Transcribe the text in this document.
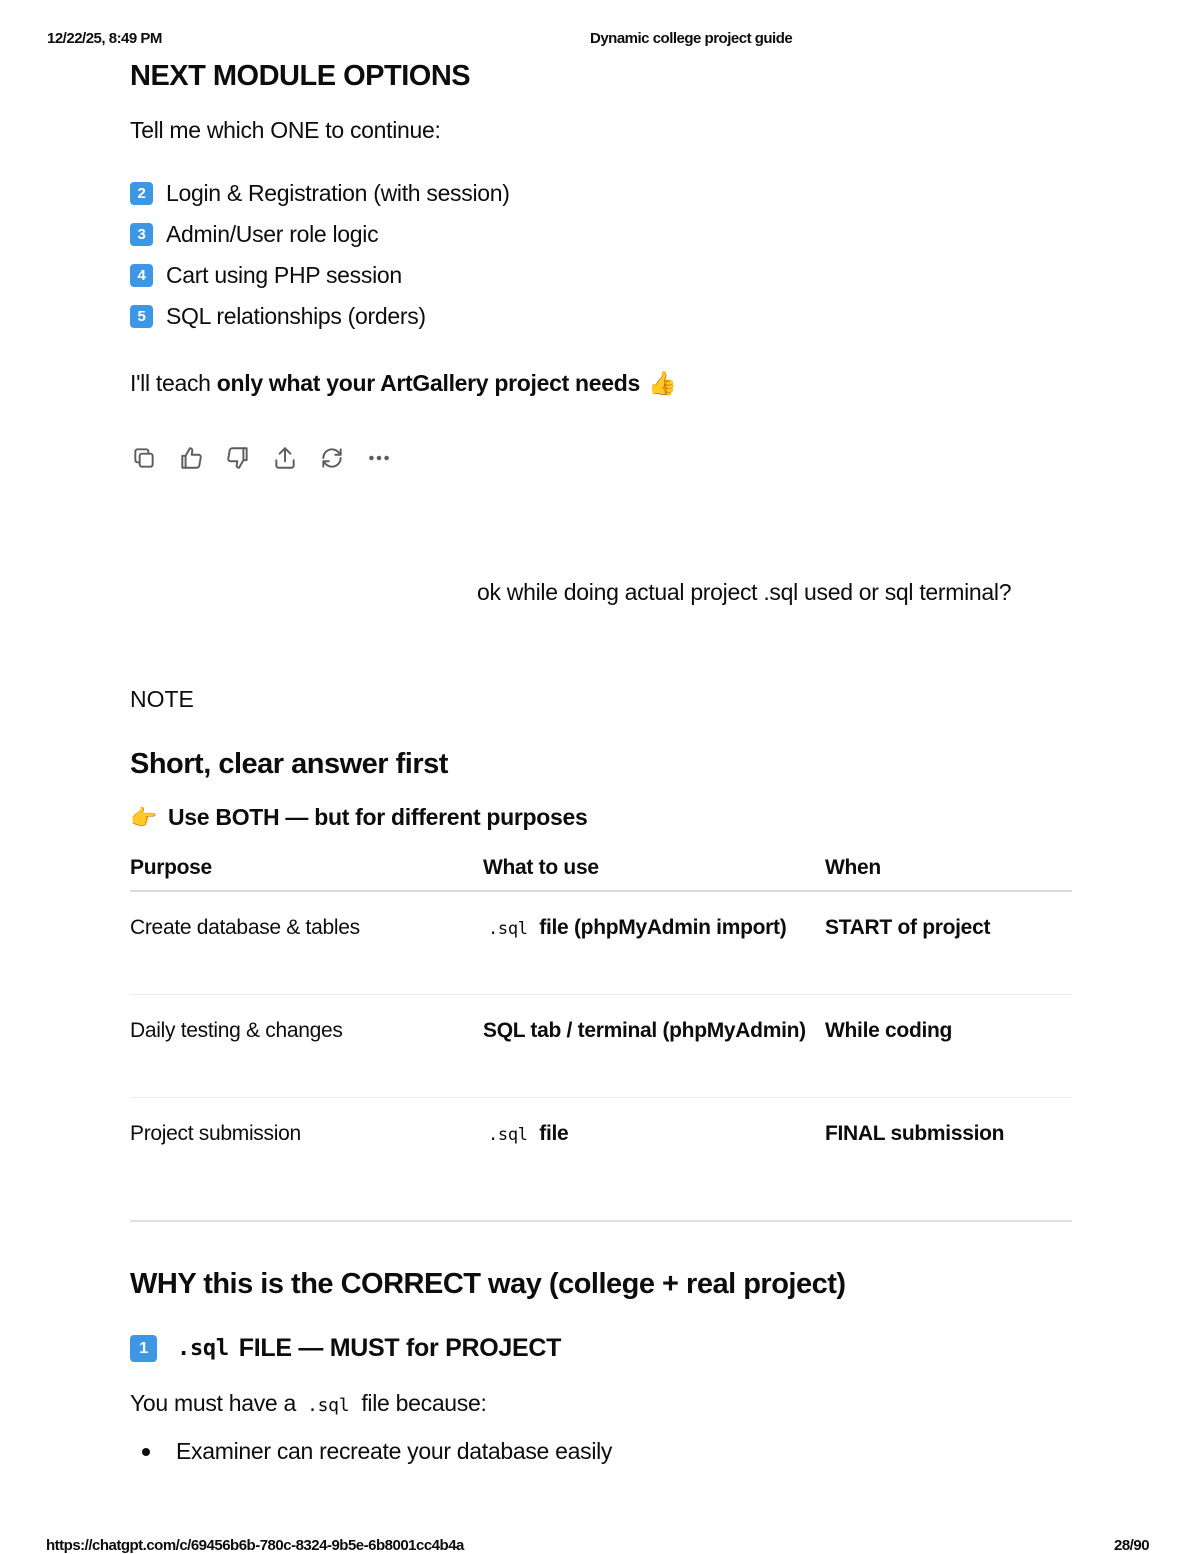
12/22/25, 8:49 PM	Dynamic college project guide
NEXT MODULE OPTIONS
Tell me which ONE to continue:
2 Login & Registration (with session)
3 Admin/User role logic
4 Cart using PHP session
5 SQL relationships (orders)
I'll teach only what your ArtGallery project needs 👍
ok while doing actual project .sql used or sql terminal?
NOTE
Short, clear answer first
👉 Use BOTH — but for different purposes
Purpose	What to use	When
Create database & tables	.sql file (phpMyAdmin import)	START of project
Daily testing & changes	SQL tab / terminal (phpMyAdmin)	While coding
Project submission	.sql file	FINAL submission
WHY this is the CORRECT way (college + real project)
1	.sql FILE — MUST for PROJECT
You must have a .sql file because:
Examiner can recreate your database easily
https://chatgpt.com/c/69456b6b-780c-8324-9b5e-6b8001cc4b4a	28/90
